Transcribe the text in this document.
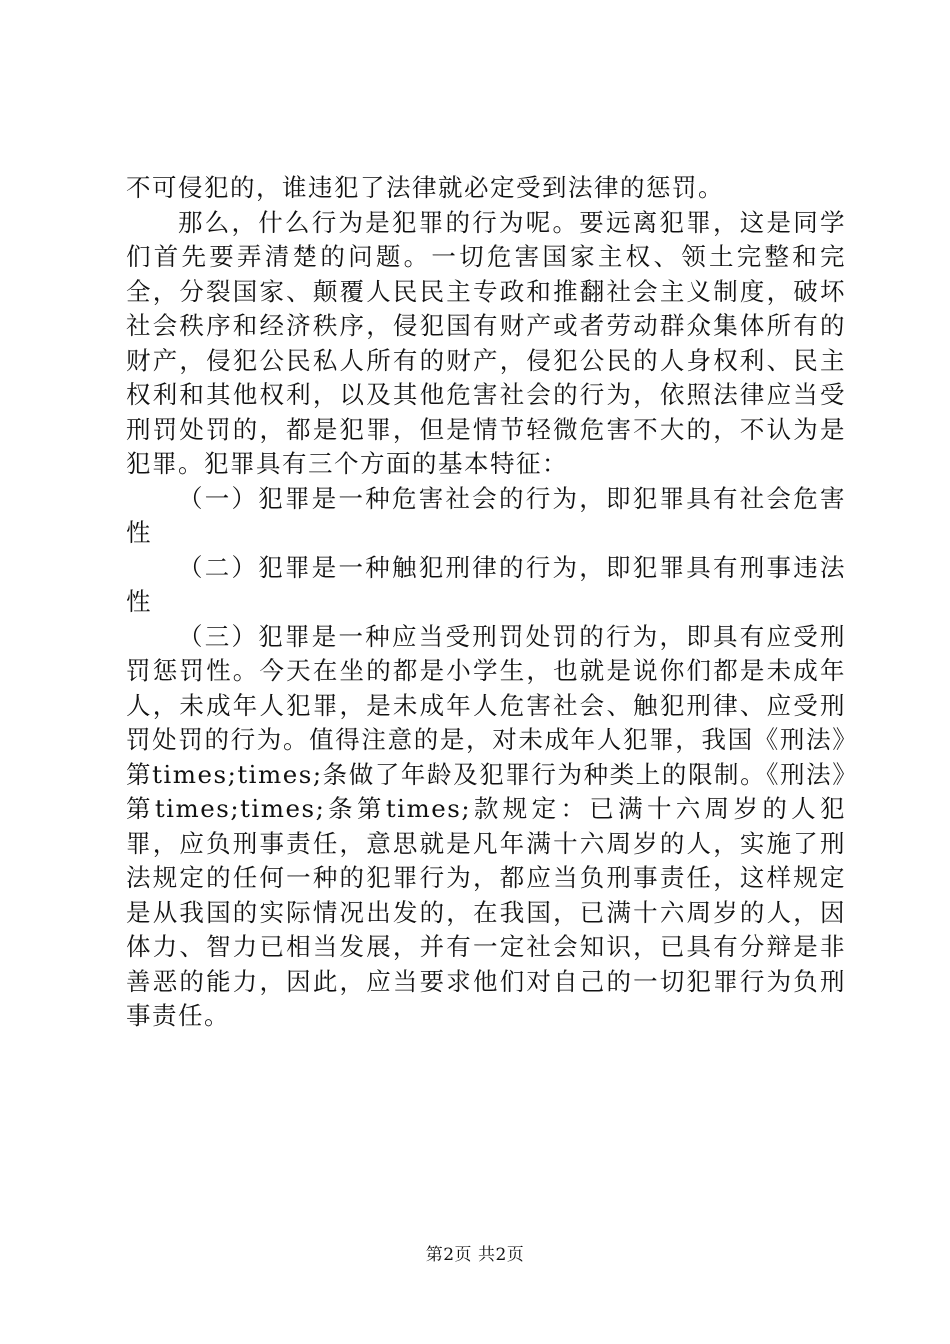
不可侵犯的，谁违犯了法律就必定受到法律的惩罚。

那么，什么行为是犯罪的行为呢。要远离犯罪，这是同学们首先要弄清楚的问题。一切危害国家主权、领土完整和完全，分裂国家、颠覆人民民主专政和推翻社会主义制度，破坏社会秩序和经济秩序，侵犯国有财产或者劳动群众集体所有的财产，侵犯公民私人所有的财产，侵犯公民的人身权利、民主权利和其他权利，以及其他危害社会的行为，依照法律应当受刑罚处罚的，都是犯罪，但是情节轻微危害不大的，不认为是犯罪。犯罪具有三个方面的基本特征：

（一）犯罪是一种危害社会的行为，即犯罪具有社会危害性

（二）犯罪是一种触犯刑律的行为，即犯罪具有刑事违法性

（三）犯罪是一种应当受刑罚处罚的行为，即具有应受刑罚惩罚性。今天在坐的都是小学生，也就是说你们都是未成年人，未成年人犯罪，是未成年人危害社会、触犯刑律、应受刑罚处罚的行为。值得注意的是，对未成年人犯罪，我国《刑法》第times;times;条做了年龄及犯罪行为种类上的限制。《刑法》第times;times;条第times;款规定：已满十六周岁的人犯罪，应负刑事责任，意思就是凡年满十六周岁的人，实施了刑法规定的任何一种的犯罪行为，都应当负刑事责任，这样规定是从我国的实际情况出发的，在我国，已满十六周岁的人，因体力、智力已相当发展，并有一定社会知识，已具有分辩是非善恶的能力，因此，应当要求他们对自己的一切犯罪行为负刑事责任。

第2页 共2页
